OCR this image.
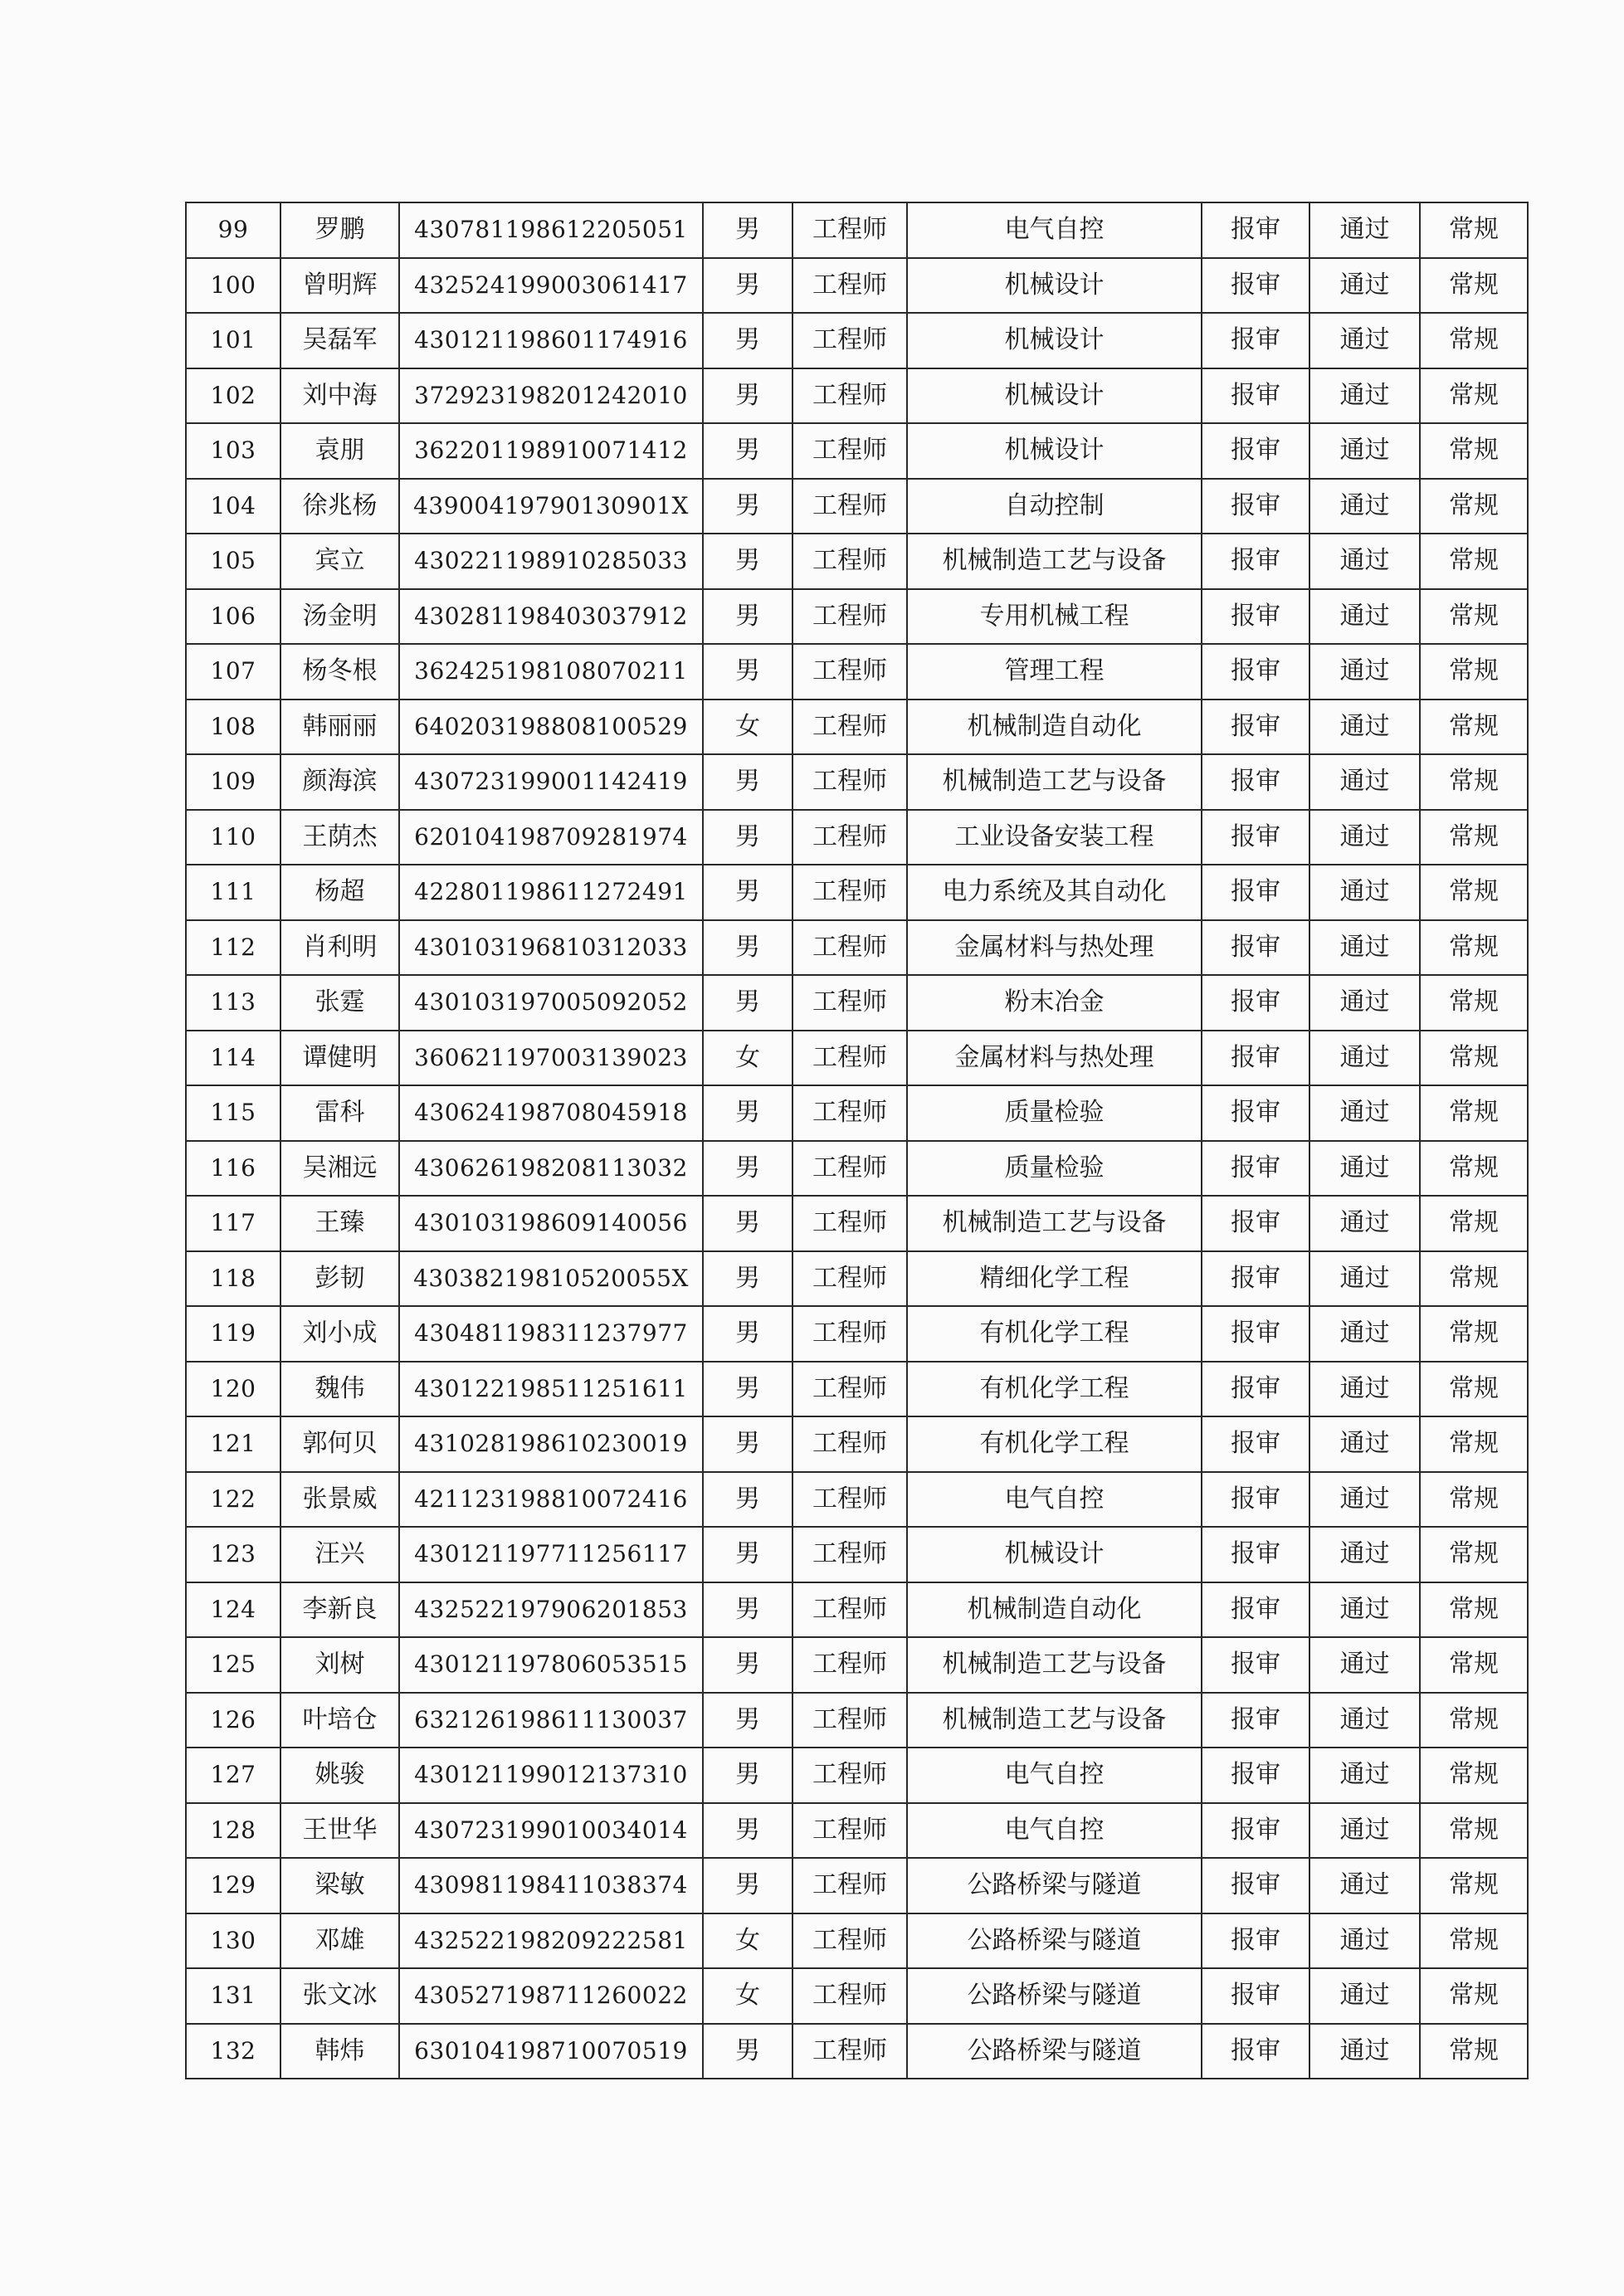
99	罗鹏	430781198612205051	男	工程师	电气自控	报审	通过	常规
100	曾明辉	432524199003061417	男	工程师	机械设计	报审	通过	常规
101	吴磊军	430121198601174916	男	工程师	机械设计	报审	通过	常规
102	刘中海	372923198201242010	男	工程师	机械设计	报审	通过	常规
103	袁朋	362201198910071412	男	工程师	机械设计	报审	通过	常规
104	徐兆杨	43900419790130901X	男	工程师	自动控制	报审	通过	常规
105	宾立	430221198910285033	男	工程师	机械制造工艺与设备	报审	通过	常规
106	汤金明	430281198403037912	男	工程师	专用机械工程	报审	通过	常规
107	杨冬根	362425198108070211	男	工程师	管理工程	报审	通过	常规
108	韩丽丽	640203198808100529	女	工程师	机械制造自动化	报审	通过	常规
109	颜海滨	430723199001142419	男	工程师	机械制造工艺与设备	报审	通过	常规
110	王荫杰	620104198709281974	男	工程师	工业设备安装工程	报审	通过	常规
111	杨超	422801198611272491	男	工程师	电力系统及其自动化	报审	通过	常规
112	肖利明	430103196810312033	男	工程师	金属材料与热处理	报审	通过	常规
113	张霆	430103197005092052	男	工程师	粉末冶金	报审	通过	常规
114	谭健明	360621197003139023	女	工程师	金属材料与热处理	报审	通过	常规
115	雷科	430624198708045918	男	工程师	质量检验	报审	通过	常规
116	吴湘远	430626198208113032	男	工程师	质量检验	报审	通过	常规
117	王臻	430103198609140056	男	工程师	机械制造工艺与设备	报审	通过	常规
118	彭韧	43038219810520055X	男	工程师	精细化学工程	报审	通过	常规
119	刘小成	430481198311237977	男	工程师	有机化学工程	报审	通过	常规
120	魏伟	430122198511251611	男	工程师	有机化学工程	报审	通过	常规
121	郭何贝	431028198610230019	男	工程师	有机化学工程	报审	通过	常规
122	张景威	421123198810072416	男	工程师	电气自控	报审	通过	常规
123	汪兴	430121197711256117	男	工程师	机械设计	报审	通过	常规
124	李新良	432522197906201853	男	工程师	机械制造自动化	报审	通过	常规
125	刘树	430121197806053515	男	工程师	机械制造工艺与设备	报审	通过	常规
126	叶培仓	632126198611130037	男	工程师	机械制造工艺与设备	报审	通过	常规
127	姚骏	430121199012137310	男	工程师	电气自控	报审	通过	常规
128	王世华	430723199010034014	男	工程师	电气自控	报审	通过	常规
129	梁敏	430981198411038374	男	工程师	公路桥梁与隧道	报审	通过	常规
130	邓雄	432522198209222581	女	工程师	公路桥梁与隧道	报审	通过	常规
131	张文冰	430527198711260022	女	工程师	公路桥梁与隧道	报审	通过	常规
132	韩炜	630104198710070519	男	工程师	公路桥梁与隧道	报审	通过	常规
